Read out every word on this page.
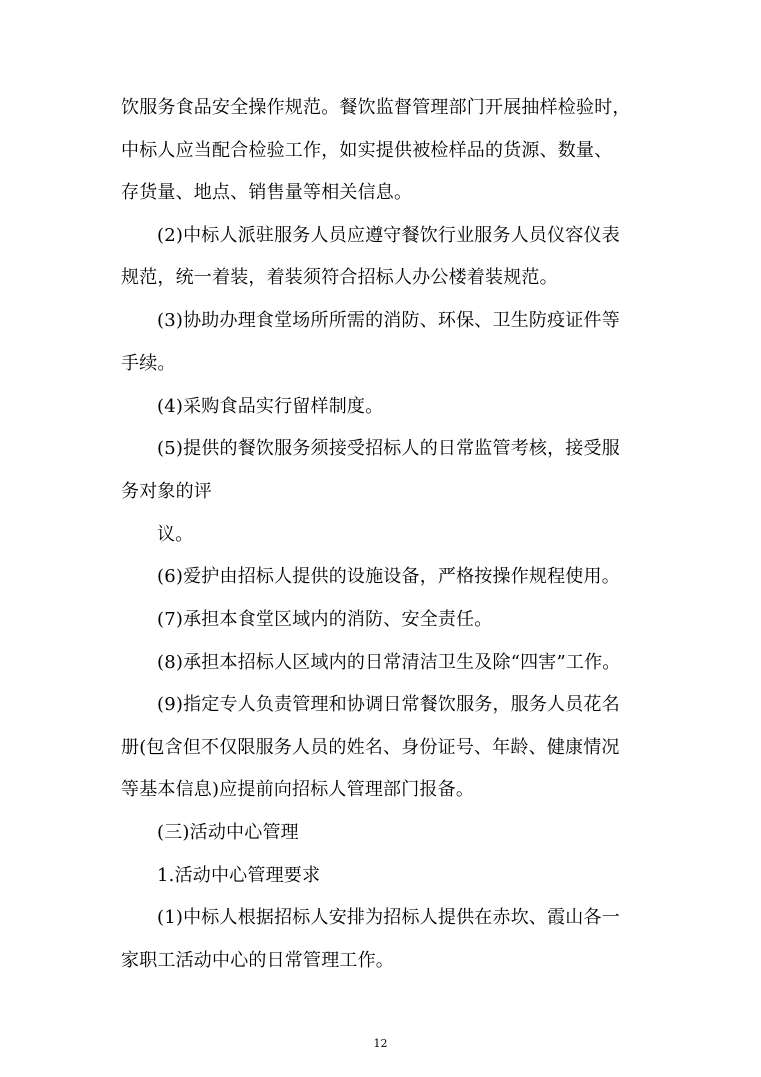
饮服务食品安全操作规范。餐饮监督管理部门开展抽样检验时，
中标人应当配合检验工作，如实提供被检样品的货源、数量、
存货量、地点、销售量等相关信息。
(2)中标人派驻服务人员应遵守餐饮行业服务人员仪容仪表
规范，统一着装，着装须符合招标人办公楼着装规范。
(3)协助办理食堂场所所需的消防、环保、卫生防疫证件等
手续。
(4)采购食品实行留样制度。
(5)提供的餐饮服务须接受招标人的日常监管考核，接受服
务对象的评
议。
(6)爱护由招标人提供的设施设备，严格按操作规程使用。
(7)承担本食堂区域内的消防、安全责任。
(8)承担本招标人区域内的日常清洁卫生及除“四害”工作。
(9)指定专人负责管理和协调日常餐饮服务，服务人员花名
册(包含但不仅限服务人员的姓名、身份证号、年龄、健康情况
等基本信息)应提前向招标人管理部门报备。
(三)活动中心管理
1.活动中心管理要求
(1)中标人根据招标人安排为招标人提供在赤坎、霞山各一
家职工活动中心的日常管理工作。
12
